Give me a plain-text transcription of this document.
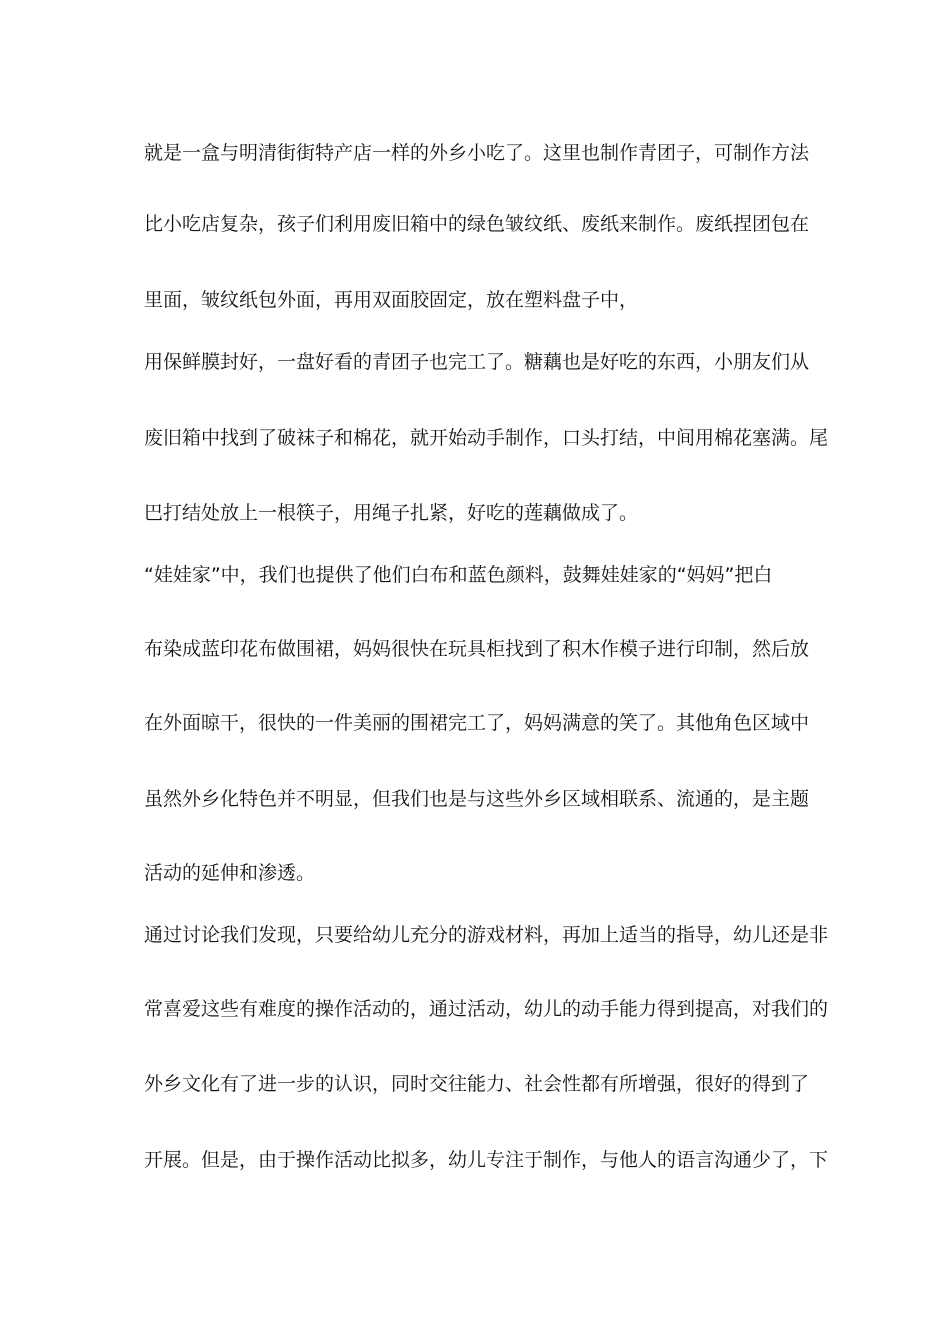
就是一盒与明清街街特产店一样的外乡小吃了。这里也制作青团子，可制作方法
比小吃店复杂，孩子们利用废旧箱中的绿色皱纹纸、废纸来制作。废纸捏团包在
里面，皱纹纸包外面，再用双面胶固定，放在塑料盘子中，
用保鲜膜封好，一盘好看的青团子也完工了。糖藕也是好吃的东西，小朋友们从
废旧箱中找到了破袜子和棉花，就开始动手制作，口头打结，中间用棉花塞满。尾
巴打结处放上一根筷子，用绳子扎紧，好吃的莲藕做成了。
“娃娃家”中，我们也提供了他们白布和蓝色颜料，鼓舞娃娃家的“妈妈”把白
布染成蓝印花布做围裙，妈妈很快在玩具柜找到了积木作模子进行印制，然后放
在外面晾干，很快的一件美丽的围裙完工了，妈妈满意的笑了。其他角色区域中
虽然外乡化特色并不明显，但我们也是与这些外乡区域相联系、流通的，是主题
活动的延伸和渗透。
通过讨论我们发现，只要给幼儿充分的游戏材料，再加上适当的指导，幼儿还是非
常喜爱这些有难度的操作活动的，通过活动，幼儿的动手能力得到提高，对我们的
外乡文化有了进一步的认识，同时交往能力、社会性都有所增强，很好的得到了
开展。但是，由于操作活动比拟多，幼儿专注于制作，与他人的语言沟通少了，下
